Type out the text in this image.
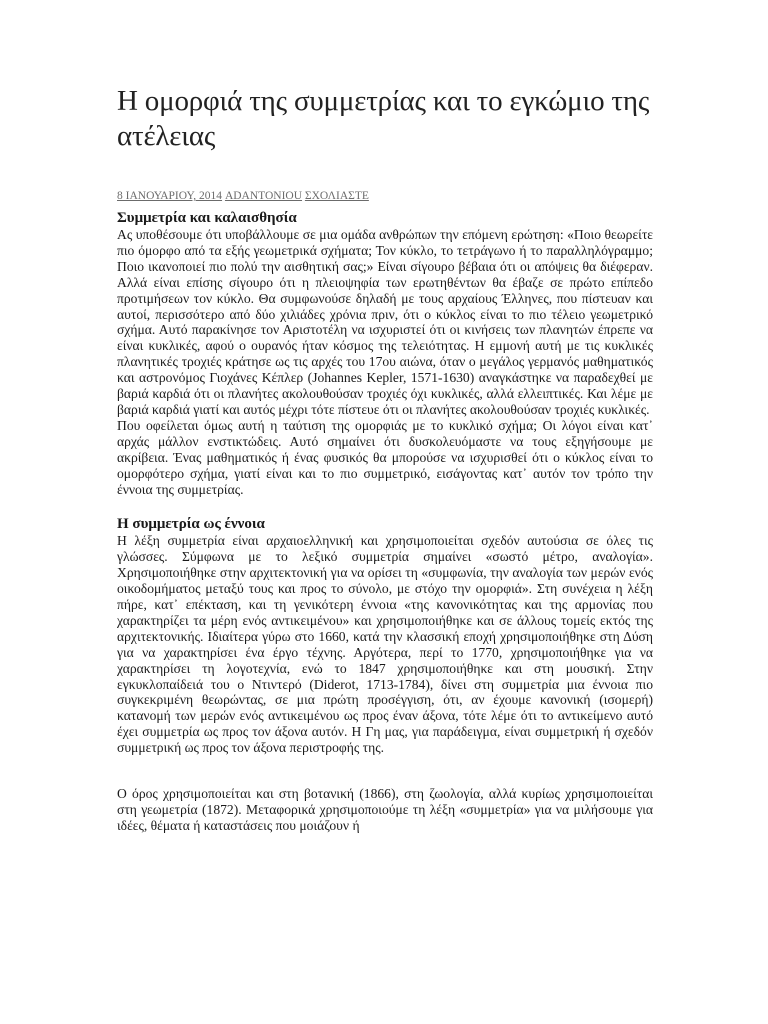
Η ομορφιά της συμμετρίας και το εγκώμιο της ατέλειας
8 ΙΑΝΟΥΑΡΙΟΥ, 2014 ADANTONIOU ΣΧΟΛΙΑΣΤΕ
Συμμετρία και καλαισθησία

Ας υποθέσουμε ότι υποβάλλουμε σε μια ομάδα ανθρώπων την επόμενη ερώτηση: «Ποιο θεωρείτε πιο όμορφο από τα εξής γεωμετρικά σχήματα; Τον κύκλο, το τετράγωνο ή το παραλληλόγραμμο; Ποιο ικανοποιεί πιο πολύ την αισθητική σας;» Είναι σίγουρο βέβαια ότι οι απόψεις θα διέφεραν. Αλλά είναι επίσης σίγουρο ότι η πλειοψηφία των ερωτηθέντων θα έβαζε σε πρώτο επίπεδο προτιμήσεων τον κύκλο. Θα συμφωνούσε δηλαδή με τους αρχαίους Έλληνες, που πίστευαν και αυτοί, περισσότερο από δύο χιλιάδες χρόνια πριν, ότι ο κύκλος είναι το πιο τέλειο γεωμετρικό σχήμα. Αυτό παρακίνησε τον Αριστοτέλη να ισχυριστεί ότι οι κινήσεις των πλανητών έπρεπε να είναι κυκλικές, αφού ο ουρανός ήταν κόσμος της τελειότητας. Η εμμονή αυτή με τις κυκλικές πλανητικές τροχιές κράτησε ως τις αρχές του 17ου αιώνα, όταν ο μεγάλος γερμανός μαθηματικός και αστρονόμος Γιοχάνες Κέπλερ (Johannes Kepler, 1571-1630) αναγκάστηκε να παραδεχθεί με βαριά καρδιά ότι οι πλανήτες ακολουθούσαν τροχιές όχι κυκλικές, αλλά ελλειπτικές. Και λέμε με βαριά καρδιά γιατί και αυτός μέχρι τότε πίστευε ότι οι πλανήτες ακολουθούσαν τροχιές κυκλικές.

Που οφείλεται όμως αυτή η ταύτιση της ομορφιάς με το κυκλικό σχήμα; Οι λόγοι είναι κατ᾽ αρχάς μάλλον ενστικτώδεις. Αυτό σημαίνει ότι δυσκολευόμαστε να τους εξηγήσουμε με ακρίβεια. Ένας μαθηματικός ή ένας φυσικός θα μπορούσε να ισχυρισθεί ότι ο κύκλος είναι το ομορφότερο σχήμα, γιατί είναι και το πιο συμμετρικό, εισάγοντας κατ᾽ αυτόν τον τρόπο την έννοια της συμμετρίας.

Η συμμετρία ως έννοια

Η λέξη συμμετρία είναι αρχαιοελληνική και χρησιμοποιείται σχεδόν αυτούσια σε όλες τις γλώσσες. Σύμφωνα με το λεξικό συμμετρία σημαίνει «σωστό μέτρο, αναλογία». Χρησιμοποιήθηκε στην αρχιτεκτονική για να ορίσει τη «συμφωνία, την αναλογία των μερών ενός οικοδομήματος μεταξύ τους και προς το σύνολο, με στόχο την ομορφιά». Στη συνέχεια η λέξη πήρε, κατ᾽ επέκταση, και τη γενικότερη έννοια «της κανονικότητας και της αρμονίας που χαρακτηρίζει τα μέρη ενός αντικειμένου» και χρησιμοποιήθηκε και σε άλλους τομείς εκτός της αρχιτεκτονικής. Ιδιαίτερα γύρω στο 1660, κατά την κλασσική εποχή χρησιμοποιήθηκε στη Δύση για να χαρακτηρίσει ένα έργο τέχνης. Αργότερα, περί το 1770, χρησιμοποιήθηκε για να χαρακτηρίσει τη λογοτεχνία, ενώ το 1847 χρησιμοποιήθηκε και στη μουσική. Στην εγκυκλοπαίδειά του ο Ντιντερό (Diderot, 1713-1784), δίνει στη συμμετρία μια έννοια πιο συγκεκριμένη θεωρώντας, σε μια πρώτη προσέγγιση, ότι, αν έχουμε κανονική (ισομερή) κατανομή των μερών ενός αντικειμένου ως προς έναν άξονα, τότε λέμε ότι το αντικείμενο αυτό έχει συμμετρία ως προς τον άξονα αυτόν. Η Γη μας, για παράδειγμα, είναι συμμετρική ή σχεδόν συμμετρική ως προς τον άξονα περιστροφής της.

Ο όρος χρησιμοποιείται και στη βοτανική (1866), στη ζωολογία, αλλά κυρίως χρησιμοποιείται στη γεωμετρία (1872). Μεταφορικά χρησιμοποιούμε τη λέξη «συμμετρία» για να μιλήσουμε για ιδέες, θέματα ή καταστάσεις που μοιάζουν ή
